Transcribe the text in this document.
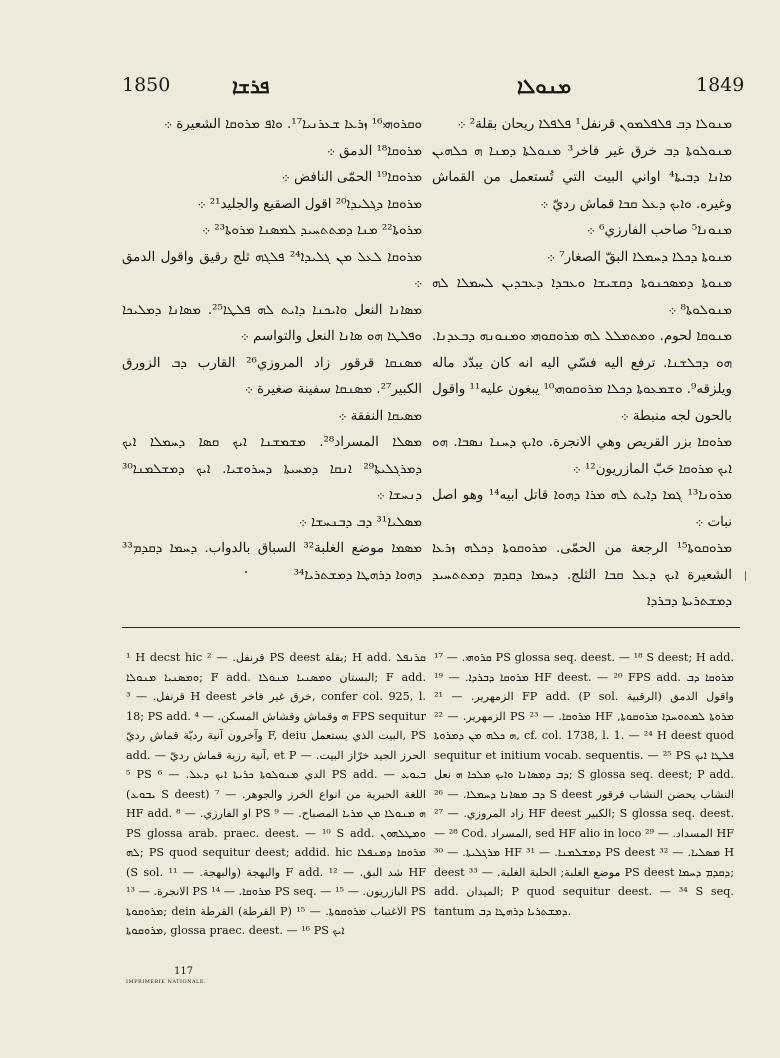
1850	ܦܪܫܐ	ܡܢܘܠܐ	1849

ܘܩܪܘܗܝ¹⁶ ܙܪܥܐ ܫܥܪܢܝܐ¹⁷. ܘܐܦ ܡܪܘܩܐ الشعيرة ܀

ܡܪܘܩܐ¹⁸ الدمق ܀

ܡܪܘܩܐ¹⁹ الحمّى النافض ܀

ܡܪܘܩܐ ܕܓܠܝܕܐ²⁰ اقول الصقيع والجليد²¹ ܀

ܡܪܘܬܐ²² ܡܢܐ ܕܡܬܬܚܝܕ ܠܡܣܢܐ ܡܪܘܬܐ²³ ܀

ܡܪܘܩܐ ܠܥܠ ܡܢ ܓܠܝܕܐ²⁴ ܦܠܓܗ ثلج رقيق واقول الدمق ܀

ܡܣܐܢܐ النعل ܘܐܝܟܢܐ ܕܐܝܬ ܠܗ ܦܠܛܐ²⁵. ܡܣܐܢܐ ܕܡܠܝܟܐ ܘܦܠܛܐ ܗܘ ܣܐܢܐ النعل والتواسم ܀

ܡܣܢܩܐ قرقور زاد المروزي²⁶ القارب ܕܒ الزورق الكبير²⁷. ܡܣܢܩܐ سفينة صغيرة ܀

ܡܣܝܩܐ النفقة ܀

ܡܣܠܐ المسراد²⁸. ܡܫܡܫܢܐ ܐܝܟ ܩܣܐ ܕܚܡܠܐ ܐܝܟ ܕܡܪܓܠܝܬܐ²⁹ ܐܢܩܐ ܕܡܚܝܬܐ ܕܚܪܘܫܝܐ. ܐܝܟ ܕܡܫܠܡܢܐ³⁰ ܕܢܚܫܐ ܀

ܡܣܠܝܐ³¹ ܕܒ ܕܒܢܚܫܐ ܀

ܡܣܡܐ موضع الغلبة³² السباق بالدواب. ܕܚܡܐ ܕܩܕܡ³³ ܕܗܘܐ ܕܪܗܛܐ ܕܡܫܬܪܝܐ³⁴

ܡܢܘܠܐ ܕܒ ܦܠܦܠܡܘܢ قرنفل¹ ܦܠܦܠܐ ريحان بقلة² ܀

ܡܢܘܠܘܬܐ ܕܒ خرق غير فاخر³ ܡܢܘܠܬܐ ܕܡܢܐ ܗ ܟܠܗܝܢ ܡܐܢܐ ܕܒܝܬܐ⁴ اواني البيت التي تُستعمل من القماش وغيره. ܘܐܝܟ ܕܥܠ ܩܒܐ قماش رديّ ܀

ܡܢܘܢܐ⁵ صاحب الفارزي⁶ ܀

ܡܢܘܬܐ ܕܟܠܐ ܕܚܡܠܐ البقّ الصغار⁷ ܀

ܡܢܘܬܐ ܕܡܣܟܢܘܬܐ ܕܩܫܝܫܐ ܘܥܒܕܐ ܕܥܒܕܝܢ ܠܚܡܠܐ ܠܗ ܡܢܘܠܘܬܐ⁸ ܀

ܡܢܘܩܐ لحوم. ܘܡܬܡܠܠ ܠܗ ܡܪܘܩܘܗܝ ܘܡܢܘܢܗ ܕܒܥܕܢܐ. ܗܘ ܕܒܠܫܢܐ. ترفع اليه فسّي اليه انه كان يبدّد ماله ويلزقه⁹. ܘܫܡܥܘܬܐ ܕܟܠܐ ܡܪܘܩܘܗܝ¹⁰ يبغون عليه¹¹ واقول بالحون لجه منبطة ܀

ܡܪܘܩܐ بزر القريص وهي الانجرة. ܘܐܝܟ ܕܚܢܐ ܢܣܒܐ. ܗܘ ܐܝܟ ܡܪܘܩܐ حَبّ المازريون¹² ܀

ܡܪܘܢܐ¹³ ܓܡܐ ܕܐܝܬ ܠܗ ܡܪܐ ܕܗܘܐ قاتل ابيه¹⁴ وهو اصل نبات ܀

ܡܪܘܩܘܬܐ¹⁵ الرجعة من الحمّى. ܡܪܘܩܘܬܐ ܕܟܠܗ ܙܪܥܐ الشعيرة ܐܝܟ ܕܥܠ ܩܒܐ الثلج. ܕܚܡܐ ܕܩܕܡ ܕܡܬܬܚܝܕ ܕܡܫܬܪܝܬܐ ܕܒܪܕܐ

¹ H decst hic قرنفل. — ² PS deest بقلة; H add. ܩܪܢܦܠ ܘܡܣܢܝܐ ܡܢܘܠܐ; F add. البستان ܘܡܣܢܝܐ ܡܢܘܠܐ; F add. قرنفل. — ³ H deest خرق غير فاخر, confer col. 925, l. 18; PS add. ܗ وقماش وقشاش المسكن. — ⁴ FPS sequitur وآخرون آنية رديّة قماش رديّ F, deiu البيت الذي يستعمل, PS add. — آنية رزية قماش رديّ, et P الحرز الجيد خرّاز البيت. — ⁵ PS الدي ܡܢܘܠܘܬܐ ܟܪܝܬܐ ܐܝܟ ܕܥܠ. — ⁶ PS add. — ܒܝܘܥ (ܝܒܘܥ S deest) اللغة الحبرية من انواع الخرز والجوهر. — ⁷ HF add. او الفارزي. — ⁸ PS ܗ ܡܢܘܠܐ ܡܢ ܡܪܝܐ المصباح. — ⁹ PS glossa arab. praec. deest. — ¹⁰ S add. ܘܡܛܠܗܘܢ ܠܗ; PS quod sequitur deest; addid. hic ܡܪܘܩܐ ܕܡܢܦܠܐ (S sol. والبهجة (والبهجة. — ¹¹ F add. شد البق. — ¹² HF الانجرة. — ¹³ PS ܡܪܘܩܐ. — ¹⁴ PS seq. — البازريون. — ¹⁵ PS ܡܪܘܩܘܬܐ; dein القرطة (القرطة P) الاغتباب ܡܪܘܩܘܬܐ. — ¹⁵ PS ܡܪܘܩܘܬܐ, glossa praec. deest. — ¹⁶ PS ܐܝܟ
ܩܪܘܗܝ. — ¹⁷ PS glossa seq. deest. — ¹⁸ S deest; H add. ܡܪܘܩܐ ܕܒܪܕܐ. — ¹⁹ HF deest. — ²⁰ FPS add. ܡܪܘܩܐ ܕܒ الزمهرير. — ²¹ FP add. (P sol. الرقبية) واقول الدمق الزمهرير. — ²² PS ܡܪܘܩܐ. — ²³ HF ܡܪܘܬܐ ܠܡܬܘܚܕܐ ܡܪܘܩܘܬܐ, ܗ ܟܠܗ ܡܢ ܕܡܪܘܬܐ, cf. col. 1738, l. 1. — ²⁴ H deest quod sequitur et initium vocab. sequentis. — ²⁵ PS ܦܠܛܐ ܐܝܟ ܕܒ ܕܡܣܐܢܐ ܘܐܝܟ ܡܠܟܐ ܗ نعل; S glossa seq. deest; P add. ܕܒ ܡܣܐܢܐ ܕܚܡܠܐ. — ²⁶ S deest النشاب يحضن النشاب قرقور زاد المروزي. — ²⁷ HF deest الكبير; S glossa seq. deest. — ²⁸ Cod. المسراد, sed HF alio in loco المسداد. — ²⁹ HF ܡܪܓܠܝܬܐ. — ³⁰ HF ܕܡܫܠܡܢܐ. — ³¹ PS deest ܡܣܠܝܐ. — ³² H deest موضع الغلبة; الحلبة الغلبة. — ³³ PS deest ܕܩܕܡ ܕܚܡܐ; add. الميدان; P quod sequitur deest. — ³⁴ S seq. tantum ܕܡܫܬܪܝܐ ܕܪܗܛܐ ܕܒ.
117
IMPRIMERIE NATIONALE.
